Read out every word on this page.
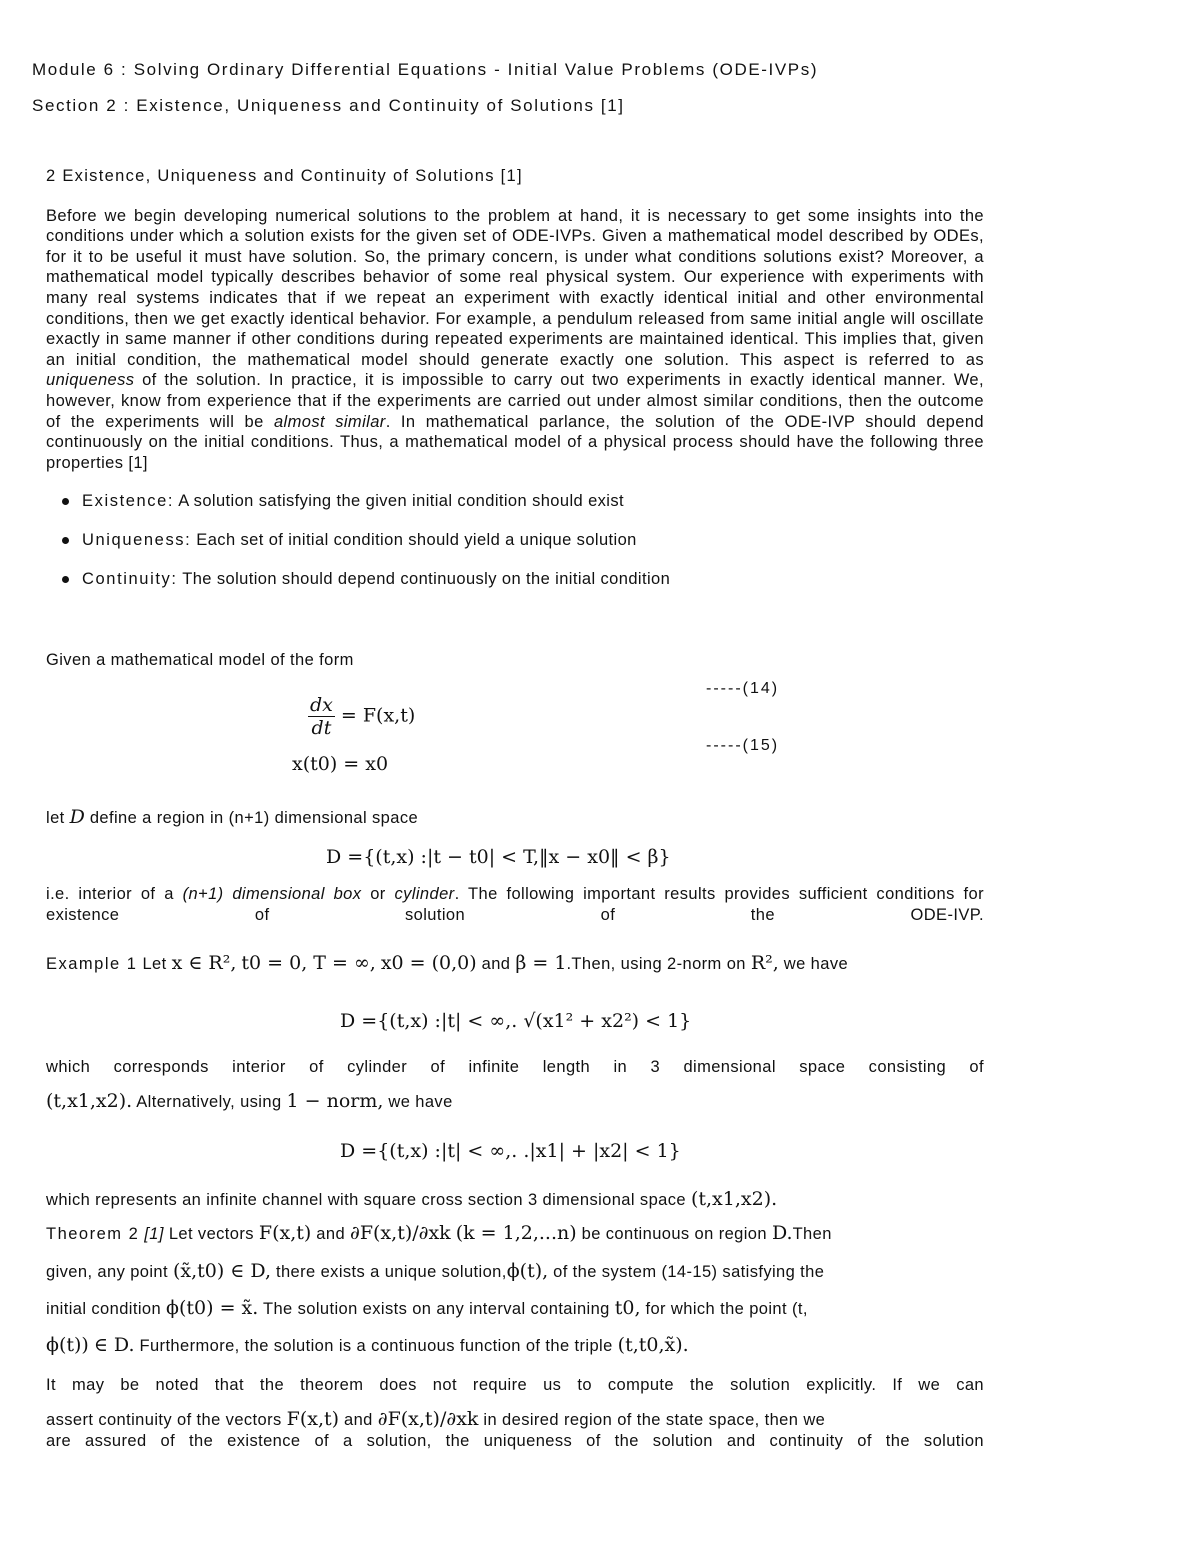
Module 6 : Solving Ordinary Differential Equations - Initial Value Problems (ODE-IVPs)
Section 2 : Existence, Uniqueness and Continuity of Solutions [1]
2 Existence, Uniqueness and Continuity of Solutions [1]

Before we begin developing numerical solutions to the problem at hand, it is necessary to get some insights into the conditions under which a solution exists for the given set of ODE-IVPs. Given a mathematical model described by ODEs, for it to be useful it must have solution. So, the primary concern, is under what conditions solutions exist? Moreover, a mathematical model typically describes behavior of some real physical system. Our experience with experiments with many real systems indicates that if we repeat an experiment with exactly identical initial and other environmental conditions, then we get exactly identical behavior. For example, a pendulum released from same initial angle will oscillate exactly in same manner if other conditions during repeated experiments are maintained identical. This implies that, given an initial condition, the mathematical model should generate exactly one solution. This aspect is referred to as uniqueness of the solution. In practice, it is impossible to carry out two experiments in exactly identical manner. We, however, know from experience that if the experiments are carried out under almost similar conditions, then the outcome of the experiments will be almost similar. In mathematical parlance, the solution of the ODE-IVP should depend continuously on the initial conditions. Thus, a mathematical model of a physical process should have the following three properties [1]

Existence: A solution satisfying the given initial condition should exist
Uniqueness: Each set of initial condition should yield a unique solution
Continuity: The solution should depend continuously on the initial condition
Given a mathematical model of the form
-----(14)
$\frac{dx}{dt} = F(x,t)$
-----(15)
x(t0) = x0
let D define a region in (n+1) dimensional space
D ={(t,x) :|t − t0| < T,‖x − x0‖ < β}
i.e. interior of a (n+1) dimensional box or cylinder. The following important results provides sufficient conditions for existence of solution of the ODE-IVP.
Example 1 Let x ∈ R², t0 = 0, T = ∞, x0 = (0,0) and β = 1.Then, using 2-norm on R², we have
D ={(t,x) :|t| < ∞,. √(x1² + x2²) < 1}
which corresponds interior of cylinder of infinite length in 3 dimensional space consisting of
(t,x1,x2). Alternatively, using 1 − norm, we have
D ={(t,x) :|t| < ∞,. .|x1| + |x2| < 1}
which represents an infinite channel with square cross section 3 dimensional space (t,x1,x2).
Theorem 2 [1] Let vectors F(x,t) and ∂F(x,t)/∂xk (k = 1,2,...n) be continuous on region D.Then
given, any point (x̃,t0) ∈ D, there exists a unique solution,ϕ(t), of the system (14-15) satisfying the
initial condition ϕ(t0) = x̃. The solution exists on any interval containing t0, for which the point (t,
ϕ(t)) ∈ D. Furthermore, the solution is a continuous function of the triple (t,t0,x̃).
It may be noted that the theorem does not require us to compute the solution explicitly. If we can
assert continuity of the vectors F(x,t) and ∂F(x,t)/∂xk in desired region of the state space, then we
are assured of the existence of a solution, the uniqueness of the solution and continuity of the solution
